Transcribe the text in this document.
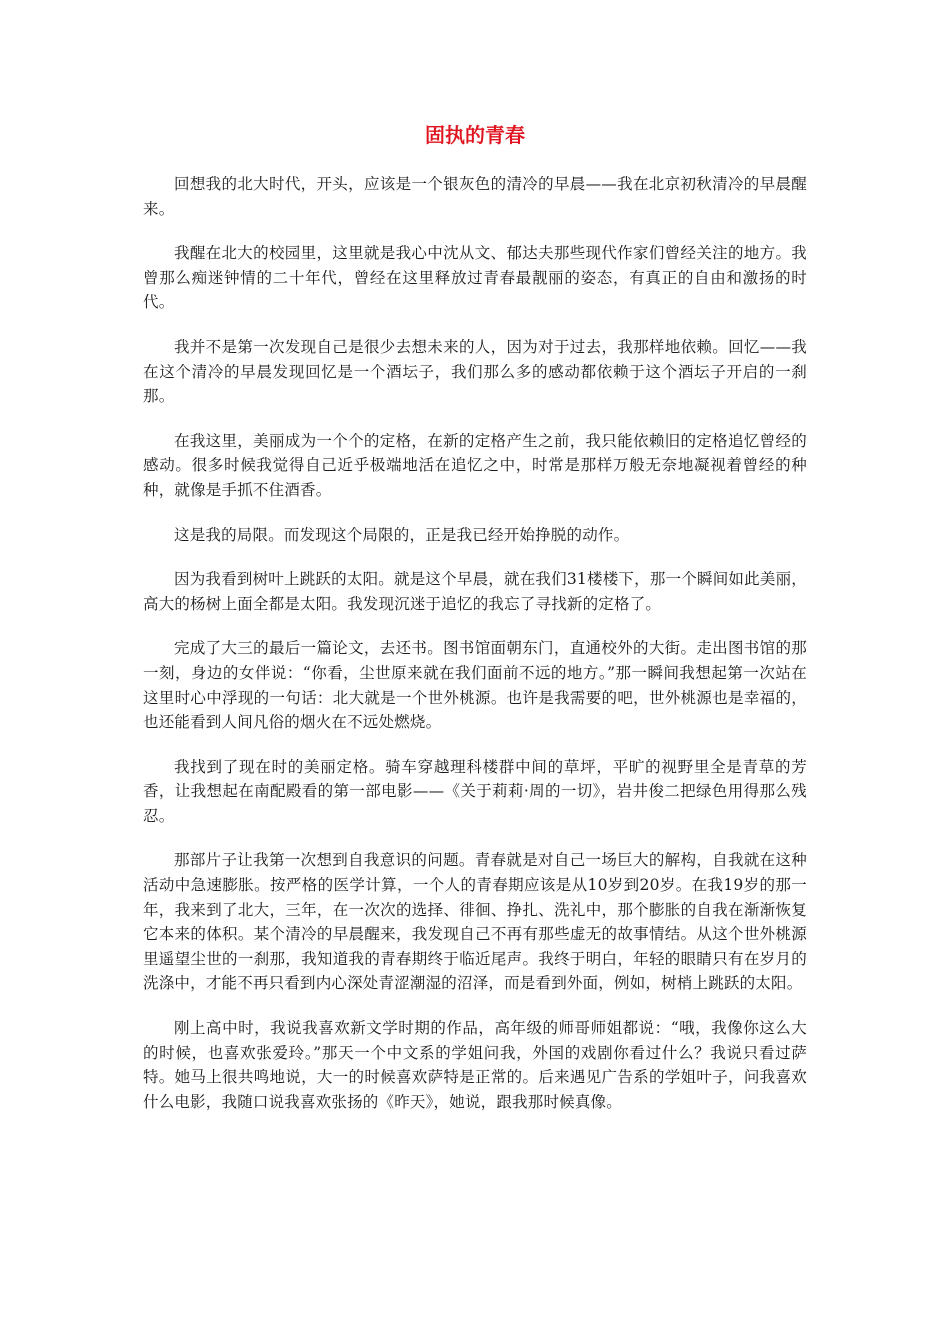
固执的青春

回想我的北大时代，开头，应该是一个银灰色的清冷的早晨——我在北京初秋清冷的早晨醒来。

我醒在北大的校园里，这里就是我心中沈从文、郁达夫那些现代作家们曾经关注的地方。我曾那么痴迷钟情的二十年代，曾经在这里释放过青春最靓丽的姿态，有真正的自由和激扬的时代。

我并不是第一次发现自己是很少去想未来的人，因为对于过去，我那样地依赖。回忆——我在这个清冷的早晨发现回忆是一个酒坛子，我们那么多的感动都依赖于这个酒坛子开启的一刹那。

在我这里，美丽成为一个个的定格，在新的定格产生之前，我只能依赖旧的定格追忆曾经的感动。很多时候我觉得自己近乎极端地活在追忆之中，时常是那样万般无奈地凝视着曾经的种种，就像是手抓不住酒香。

这是我的局限。而发现这个局限的，正是我已经开始挣脱的动作。

因为我看到树叶上跳跃的太阳。就是这个早晨，就在我们31楼楼下，那一个瞬间如此美丽，高大的杨树上面全都是太阳。我发现沉迷于追忆的我忘了寻找新的定格了。

完成了大三的最后一篇论文，去还书。图书馆面朝东门，直通校外的大街。走出图书馆的那一刻，身边的女伴说：“你看，尘世原来就在我们面前不远的地方。”那一瞬间我想起第一次站在这里时心中浮现的一句话：北大就是一个世外桃源。也许是我需要的吧，世外桃源也是幸福的，也还能看到人间凡俗的烟火在不远处燃烧。

我找到了现在时的美丽定格。骑车穿越理科楼群中间的草坪，平旷的视野里全是青草的芳香，让我想起在南配殿看的第一部电影——《关于莉莉·周的一切》，岩井俊二把绿色用得那么残忍。

那部片子让我第一次想到自我意识的问题。青春就是对自己一场巨大的解构，自我就在这种活动中急速膨胀。按严格的医学计算，一个人的青春期应该是从10岁到20岁。在我19岁的那一年，我来到了北大，三年，在一次次的选择、徘徊、挣扎、洗礼中，那个膨胀的自我在渐渐恢复它本来的体积。某个清冷的早晨醒来，我发现自己不再有那些虚无的故事情结。从这个世外桃源里遥望尘世的一刹那，我知道我的青春期终于临近尾声。我终于明白，年轻的眼睛只有在岁月的洗涤中，才能不再只看到内心深处青涩潮湿的沼泽，而是看到外面，例如，树梢上跳跃的太阳。

刚上高中时，我说我喜欢新文学时期的作品，高年级的师哥师姐都说：“哦，我像你这么大的时候，也喜欢张爱玲。”那天一个中文系的学姐问我，外国的戏剧你看过什么？我说只看过萨特。她马上很共鸣地说，大一的时候喜欢萨特是正常的。后来遇见广告系的学姐叶子，问我喜欢什么电影，我随口说我喜欢张扬的《昨天》，她说，跟我那时候真像。
